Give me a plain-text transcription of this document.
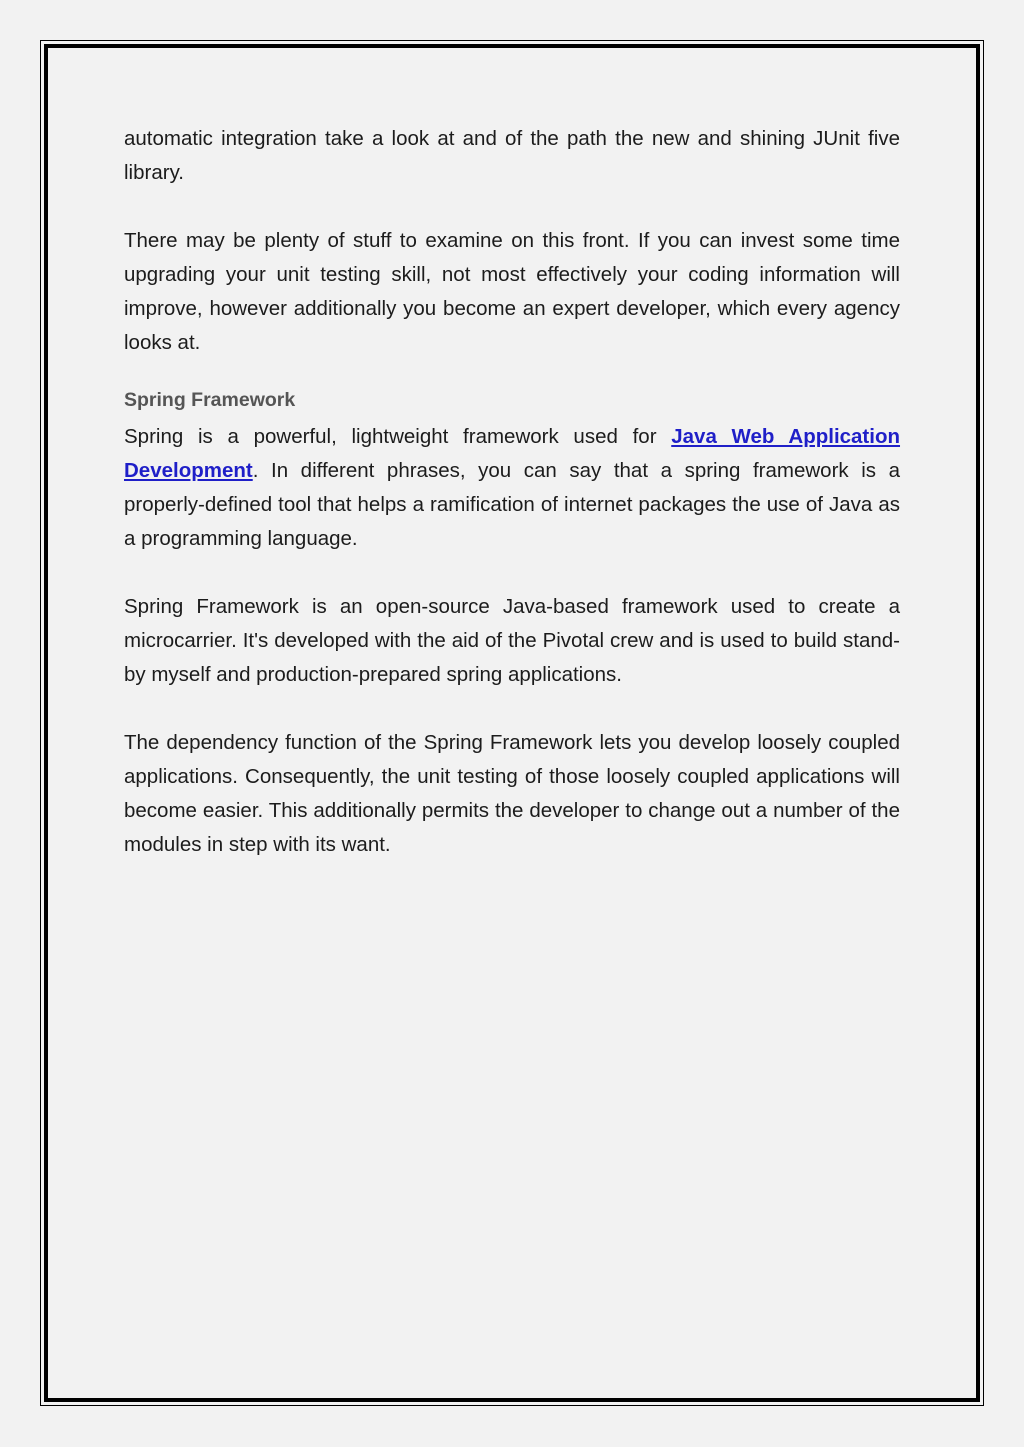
automatic integration take a look at and of the path the new and shining JUnit five library.

There may be plenty of stuff to examine on this front. If you can invest some time upgrading your unit testing skill, not most effectively your coding information will improve, however additionally you become an expert developer, which every agency looks at.

Spring Framework

Spring is a powerful, lightweight framework used for Java Web Application Development. In different phrases, you can say that a spring framework is a properly-defined tool that helps a ramification of internet packages the use of Java as a programming language.

Spring Framework is an open-source Java-based framework used to create a microcarrier. It's developed with the aid of the Pivotal crew and is used to build stand-by myself and production-prepared spring applications.

The dependency function of the Spring Framework lets you develop loosely coupled applications. Consequently, the unit testing of those loosely coupled applications will become easier. This additionally permits the developer to change out a number of the modules in step with its want.
